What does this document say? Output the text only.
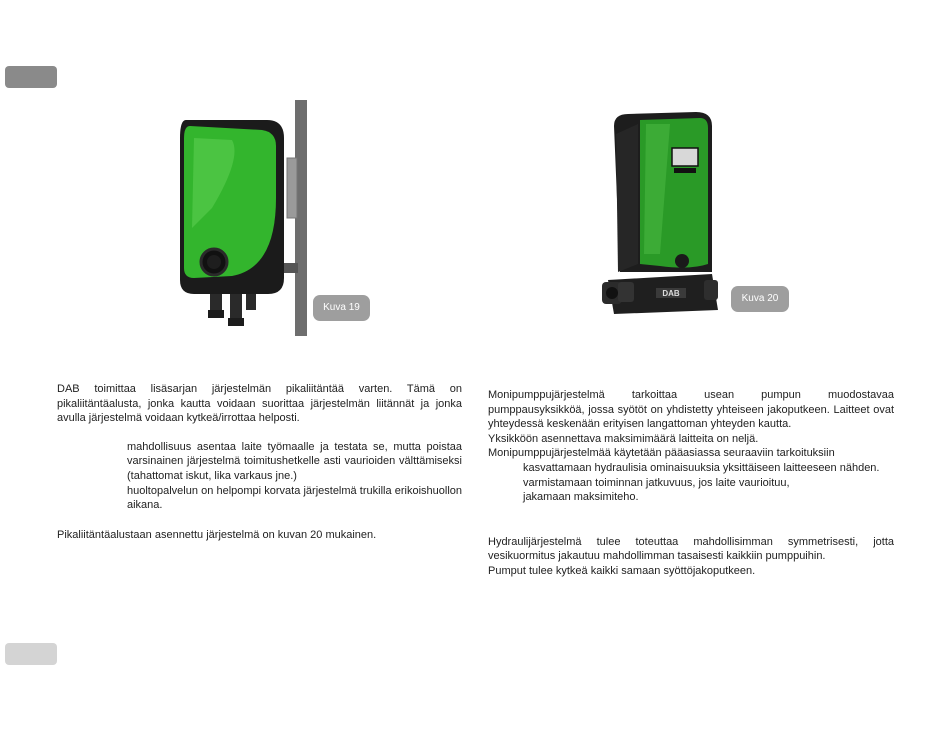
Kuva 19
DAB	Kuva 20

DAB toimittaa lisäsarjan järjestelmän pikaliitäntää varten. Tämä on pikaliitäntäalusta, jonka kautta voidaan suorittaa järjestelmän liitännät ja jonka avulla järjestelmä voidaan kytkeä/irrottaa helposti.

mahdollisuus asentaa laite työmaalle ja testata se, mutta poistaa varsinainen järjestelmä toimitushetkelle asti vaurioiden välttämiseksi (tahattomat iskut, lika varkaus jne.)

huoltopalvelun on helpompi korvata järjestelmä trukilla erikoishuollon aikana.

Pikaliitäntäalustaan asennettu järjestelmä on kuvan 20 mukainen.

Monipumppujärjestelmä tarkoittaa usean pumpun muodostavaa pumppausyksikköä, jossa syötöt on yhdistetty yhteiseen jakoputkeen. Laitteet ovat yhteydessä keskenään erityisen langattoman yhteyden kautta.

Yksikköön asennettava maksimimäärä laitteita on neljä.

Monipumppujärjestelmää käytetään pääasiassa seuraaviin tarkoituksiin

kasvattamaan hydraulisia ominaisuuksia yksittäiseen laitteeseen nähden.

varmistamaan toiminnan jatkuvuus, jos laite vaurioituu,

jakamaan maksimiteho.

Hydraulijärjestelmä tulee toteuttaa mahdollisimman symmetrisesti, jotta vesikuormitus jakautuu mahdollimman tasaisesti kaikkiin pumppuihin.

Pumput tulee kytkeä kaikki samaan syöttöjakoputkeen.
